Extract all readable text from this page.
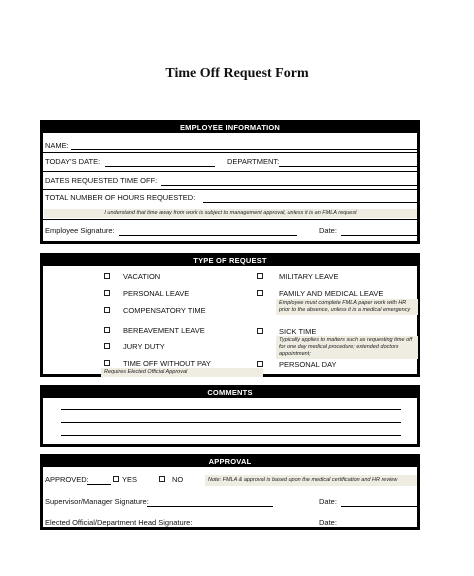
Time Off Request Form
EMPLOYEE INFORMATION
NAME:
TODAY'S DATE:	DEPARTMENT:
DATES REQUESTED TIME OFF:
TOTAL NUMBER OF HOURS REQUESTED:
I understand that time away from work is subject to management approval, unless it is an FMLA request
Employee Signature:	Date:
TYPE OF REQUEST
VACATION
PERSONAL LEAVE
COMPENSATORY TIME
BEREAVEMENT LEAVE
JURY DUTY
TIME OFF WITHOUT PAY
Requires Elected Official Approval
MILITARY LEAVE
FAMILY AND MEDICAL LEAVE
Employee must complete FMLA paper work with HR prior to the absence, unless it is a medical emergency
SICK TIME
Typically applies to matters such as requesting time off for one day medical procedure; extended doctors appointment;
PERSONAL DAY
COMMENTS
APPROVAL
APPROVED:	YES	NO	Note: FMLA & approval is based upon the medical certification and HR review
Supervisor/Manager Signature:	Date:
Elected Official/Department Head Signature:	Date:
